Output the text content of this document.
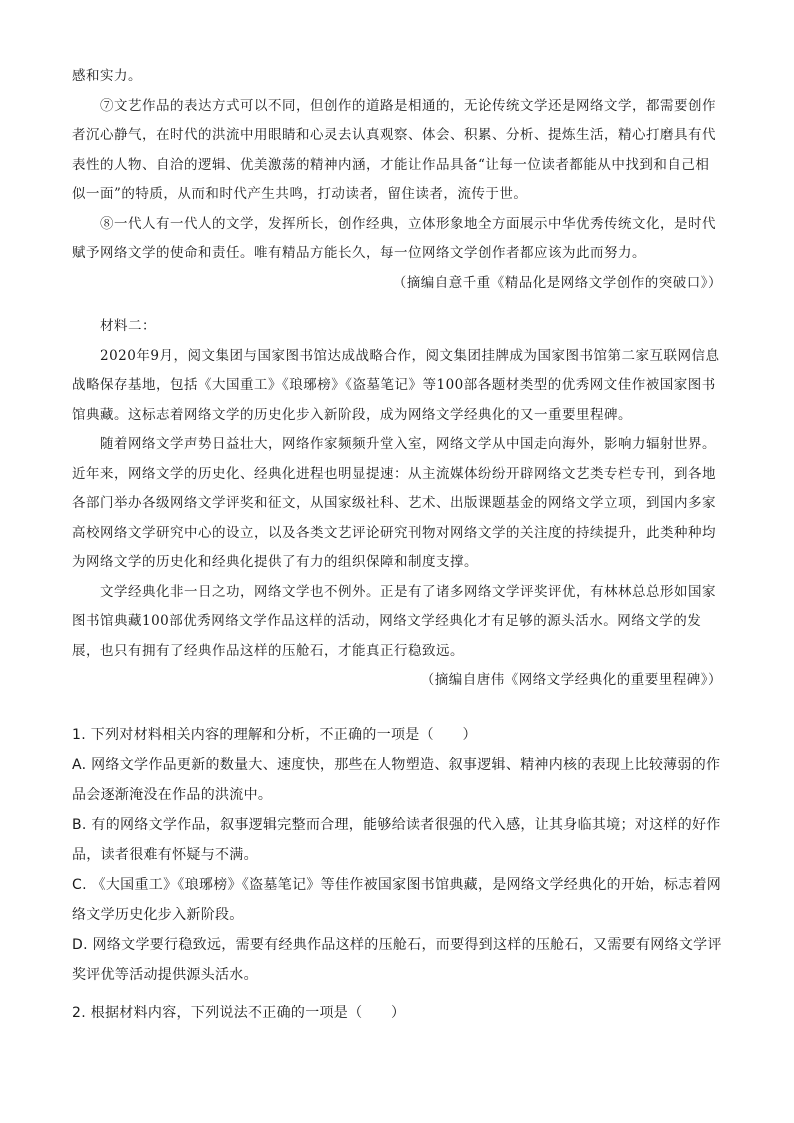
感和实力。

⑦文艺作品的表达方式可以不同，但创作的道路是相通的，无论传统文学还是网络文学，都需要创作者沉心静气，在时代的洪流中用眼睛和心灵去认真观察、体会、积累、分析、提炼生活，精心打磨具有代表性的人物、自洽的逻辑、优美激荡的精神内涵，才能让作品具备“让每一位读者都能从中找到和自己相似一面”的特质，从而和时代产生共鸣，打动读者，留住读者，流传于世。

⑧一代人有一代人的文学，发挥所长，创作经典，立体形象地全方面展示中华优秀传统文化，是时代赋予网络文学的使命和责任。唯有精品方能长久，每一位网络文学创作者都应该为此而努力。

（摘编自意千重《精品化是网络文学创作的突破口》）

材料二：

2020年9月，阅文集团与国家图书馆达成战略合作，阅文集团挂牌成为国家图书馆第二家互联网信息战略保存基地，包括《大国重工》《琅琊榜》《盗墓笔记》等100部各题材类型的优秀网文佳作被国家图书馆典藏。这标志着网络文学的历史化步入新阶段，成为网络文学经典化的又一重要里程碑。

随着网络文学声势日益壮大，网络作家频频升堂入室，网络文学从中国走向海外，影响力辐射世界。近年来，网络文学的历史化、经典化进程也明显提速：从主流媒体纷纷开辟网络文艺类专栏专刊，到各地各部门举办各级网络文学评奖和征文，从国家级社科、艺术、出版课题基金的网络文学立项，到国内多家高校网络文学研究中心的设立，以及各类文艺评论研究刊物对网络文学的关注度的持续提升，此类种种均为网络文学的历史化和经典化提供了有力的组织保障和制度支撑。

文学经典化非一日之功，网络文学也不例外。正是有了诸多网络文学评奖评优，有林林总总形如国家图书馆典藏100部优秀网络文学作品这样的活动，网络文学经典化才有足够的源头活水。网络文学的发展，也只有拥有了经典作品这样的压舱石，才能真正行稳致远。

（摘编自唐伟《网络文学经典化的重要里程碑》）

1. 下列对材料相关内容的理解和分析，不正确的一项是（　　）

A. 网络文学作品更新的数量大、速度快，那些在人物塑造、叙事逻辑、精神内核的表现上比较薄弱的作品会逐渐淹没在作品的洪流中。

B. 有的网络文学作品，叙事逻辑完整而合理，能够给读者很强的代入感，让其身临其境；对这样的好作品，读者很难有怀疑与不满。

C. 《大国重工》《琅琊榜》《盗墓笔记》等佳作被国家图书馆典藏，是网络文学经典化的开始，标志着网络文学历史化步入新阶段。

D. 网络文学要行稳致远，需要有经典作品这样的压舱石，而要得到这样的压舱石，又需要有网络文学评奖评优等活动提供源头活水。

2. 根据材料内容，下列说法不正确的一项是（　　）
